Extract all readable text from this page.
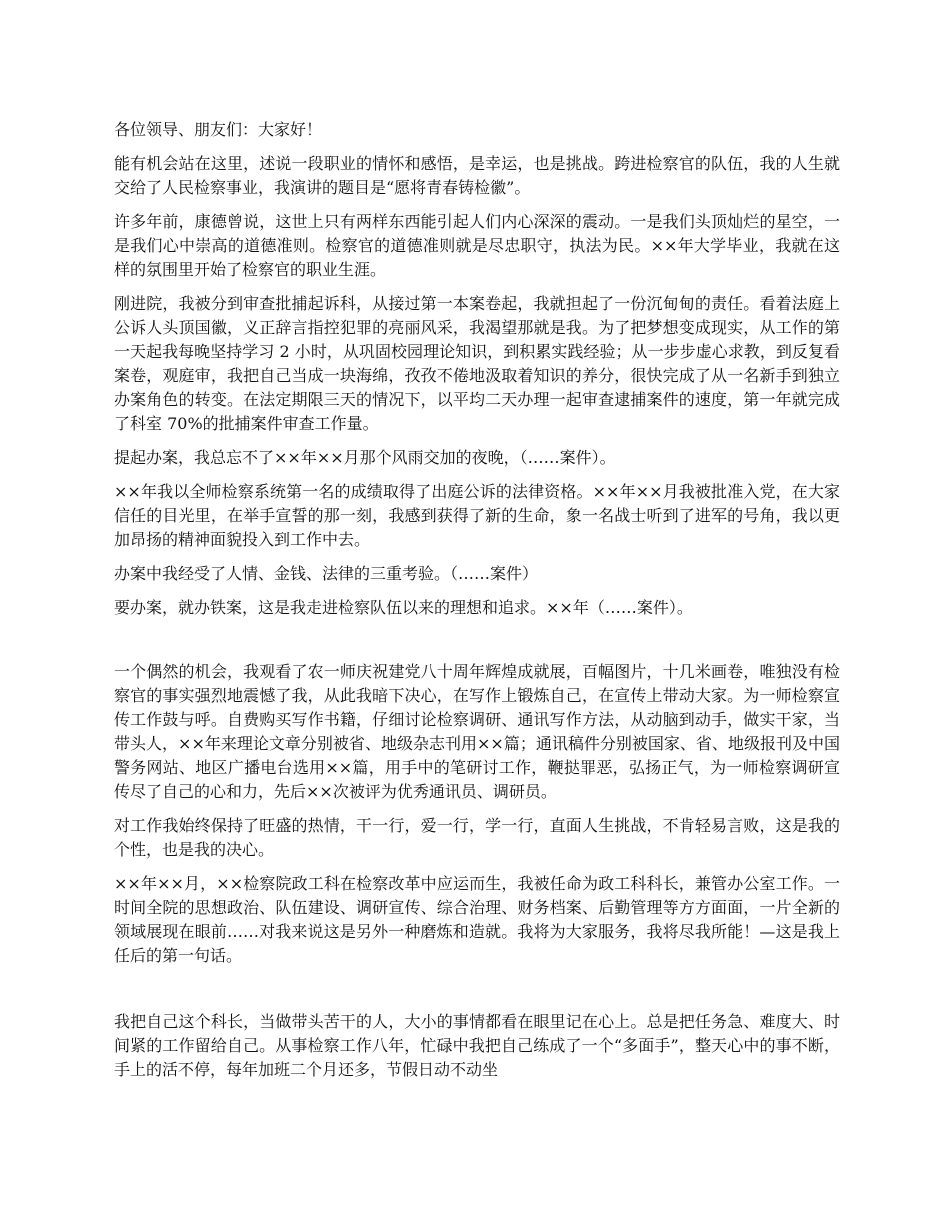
各位领导、朋友们：大家好！

能有机会站在这里，述说一段职业的情怀和感悟，是幸运，也是挑战。跨进检察官的队伍，我的人生就交给了人民检察事业，我演讲的题目是“愿将青春铸检徽”。

许多年前，康德曾说，这世上只有两样东西能引起人们内心深深的震动。一是我们头顶灿烂的星空，一是我们心中崇高的道德准则。检察官的道德准则就是尽忠职守，执法为民。××年大学毕业，我就在这样的氛围里开始了检察官的职业生涯。

刚进院，我被分到审查批捕起诉科，从接过第一本案卷起，我就担起了一份沉甸甸的责任。看着法庭上公诉人头顶国徽，义正辞言指控犯罪的亮丽风采，我渴望那就是我。为了把梦想变成现实，从工作的第一天起我每晚坚持学习 2 小时，从巩固校园理论知识，到积累实践经验；从一步步虚心求教，到反复看案卷，观庭审，我把自己当成一块海绵，孜孜不倦地汲取着知识的养分，很快完成了从一名新手到独立办案角色的转变。在法定期限三天的情况下，以平均二天办理一起审查逮捕案件的速度，第一年就完成了科室 70%的批捕案件审查工作量。

提起办案，我总忘不了××年××月那个风雨交加的夜晚，（……案件）。

××年我以全师检察系统第一名的成绩取得了出庭公诉的法律资格。××年××月我被批准入党，在大家信任的目光里，在举手宣誓的那一刻，我感到获得了新的生命，象一名战士听到了进军的号角，我以更加昂扬的精神面貌投入到工作中去。

办案中我经受了人情、金钱、法律的三重考验。（……案件）

要办案，就办铁案，这是我走进检察队伍以来的理想和追求。××年（……案件）。

一个偶然的机会，我观看了农一师庆祝建党八十周年辉煌成就展，百幅图片，十几米画卷，唯独没有检察官的事实强烈地震憾了我，从此我暗下决心，在写作上锻炼自己，在宣传上带动大家。为一师检察宣传工作鼓与呼。自费购买写作书籍，仔细讨论检察调研、通讯写作方法，从动脑到动手，做实干家，当带头人，××年来理论文章分别被省、地级杂志刊用××篇；通讯稿件分别被国家、省、地级报刊及中国警务网站、地区广播电台选用××篇，用手中的笔研讨工作，鞭挞罪恶，弘扬正气，为一师检察调研宣传尽了自己的心和力，先后××次被评为优秀通讯员、调研员。

对工作我始终保持了旺盛的热情，干一行，爱一行，学一行，直面人生挑战，不肯轻易言败，这是我的个性，也是我的决心。

××年××月，××检察院政工科在检察改革中应运而生，我被任命为政工科科长，兼管办公室工作。一时间全院的思想政治、队伍建设、调研宣传、综合治理、财务档案、后勤管理等方方面面，一片全新的领域展现在眼前……对我来说这是另外一种磨炼和造就。我将为大家服务，我将尽我所能！—这是我上任后的第一句话。

我把自己这个科长，当做带头苦干的人，大小的事情都看在眼里记在心上。总是把任务急、难度大、时间紧的工作留给自己。从事检察工作八年，忙碌中我把自己练成了一个“多面手”，整天心中的事不断，手上的活不停，每年加班二个月还多，节假日动不动坐
